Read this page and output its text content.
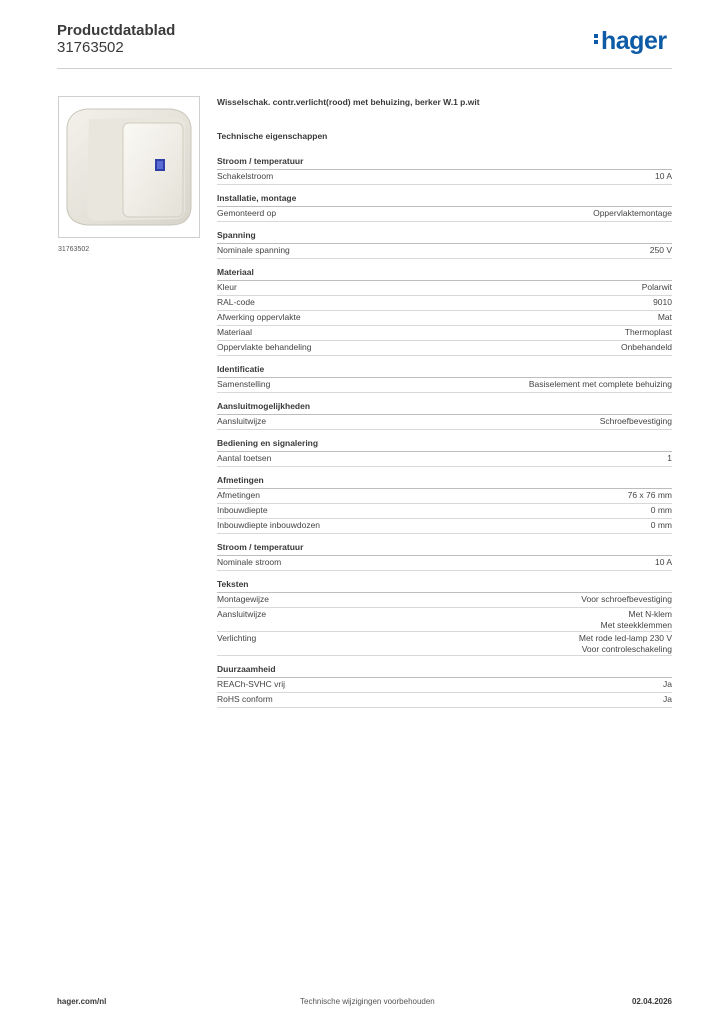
Productdatablad
31763502	hager
31763502
Wisselschak. contr.verlicht(rood) met behuizing, berker W.1 p.wit
Technische eigenschappen
Stroom / temperatuur
Schakelstroom	10 A
Installatie, montage
Gemonteerd op	Oppervlaktemontage
Spanning
Nominale spanning	250 V
Materiaal
Kleur	Polarwit
RAL-code	9010
Afwerking oppervlakte	Mat
Materiaal	Thermoplast
Oppervlakte behandeling	Onbehandeld
Identificatie
Samenstelling	Basiselement met complete behuizing
Aansluitmogelijkheden
Aansluitwijze	Schroefbevestiging
Bediening en signalering
Aantal toetsen	1
Afmetingen
Afmetingen	76 x 76 mm
Inbouwdiepte	0 mm
Inbouwdiepte inbouwdozen	0 mm
Stroom / temperatuur
Nominale stroom	10 A
Teksten
Montagewijze	Voor schroefbevestiging
Aansluitwijze	Met N-klem
Met steekklemmen
Verlichting	Met rode led-lamp 230 V
Voor controleschakeling
Duurzaamheid
REACh-SVHC vrij	Ja
RoHS conform	Ja
hager.com/nl	Technische wijzigingen voorbehouden	02.04.2026
